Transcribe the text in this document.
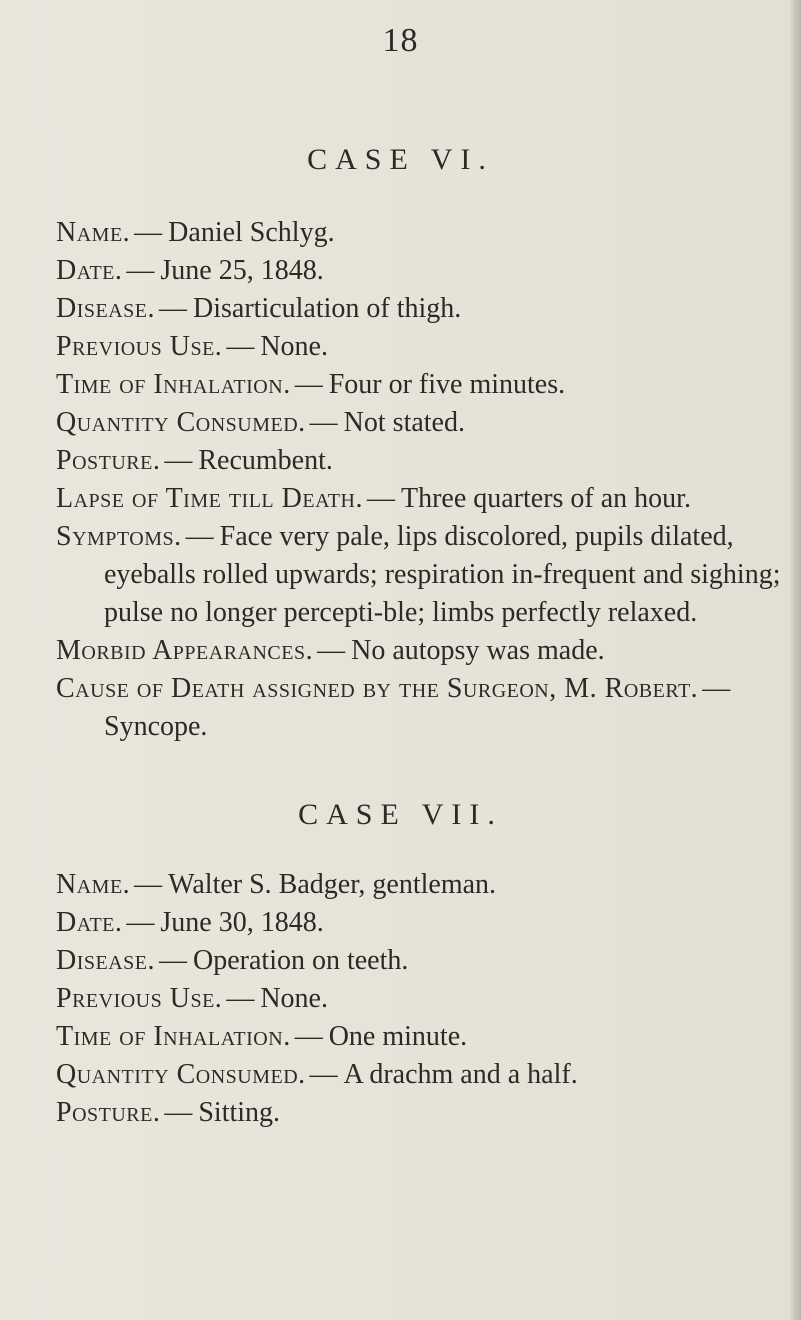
18
CASE VI.

Name. — Daniel Schlyg.

Date. — June 25, 1848.

Disease. — Disarticulation of thigh.

Previous Use. — None.

Time of Inhalation. — Four or five minutes.

Quantity Consumed. — Not stated.

Posture. — Recumbent.

Lapse of Time till Death. — Three quarters of an hour.

Symptoms. — Face very pale, lips discolored, pupils dilated, eyeballs rolled upwards; respiration in-frequent and sighing; pulse no longer percepti-ble; limbs perfectly relaxed.

Morbid Appearances. — No autopsy was made.

Cause of Death assigned by the Surgeon, M. Robert. —Syncope.

CASE VII.

Name. — Walter S. Badger, gentleman.

Date. — June 30, 1848.

Disease. — Operation on teeth.

Previous Use. — None.

Time of Inhalation. — One minute.

Quantity Consumed. — A drachm and a half.

Posture. — Sitting.
